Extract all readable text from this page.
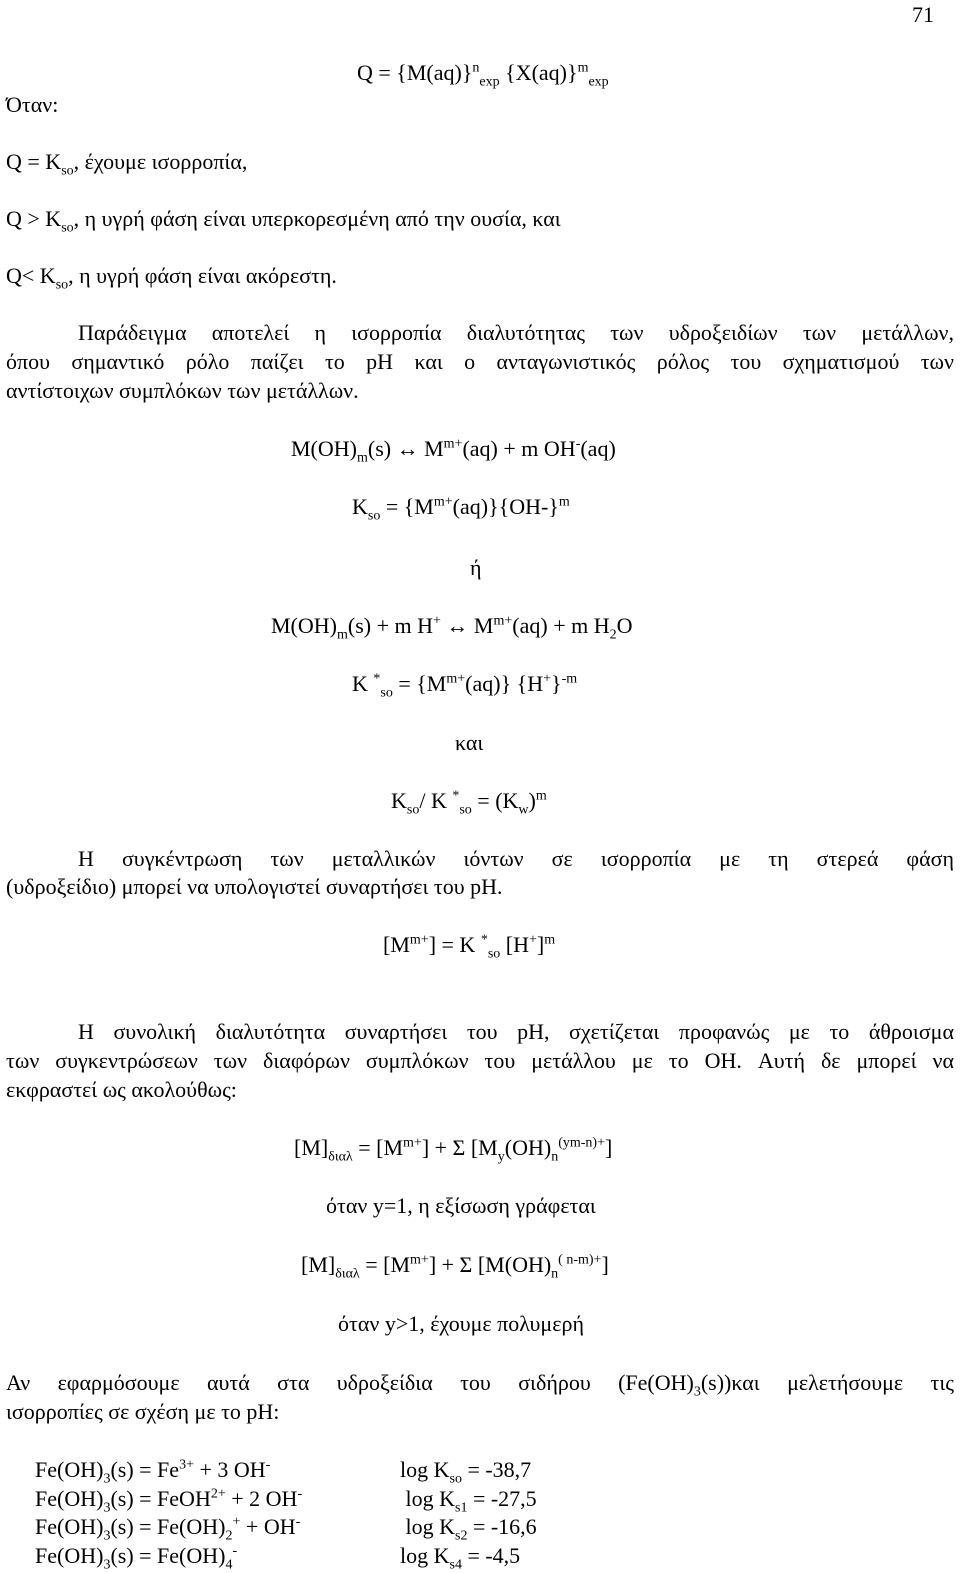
71
$Q = \{M(aq)\}^n_{exp}$ $\{X(aq)\}^m_{exp}$
Όταν:
$Q = K_{so}$, έχουμε ισορροπία,
$Q > K_{so}$, η υγρή φάση είναι υπερκορεσμένη από την ουσία, και
$Q< K_{so}$, η υγρή φάση είναι ακόρεστη.
Παράδειγμα αποτελεί η ισορροπία διαλυτότητας των υδροξειδίων των μετάλλων,
όπου σημαντικό ρόλο παίζει το pH και ο ανταγωνιστικός ρόλος του σχηματισμού των
αντίστοιχων συμπλόκων των μετάλλων.
$M(OH)_m(s)$ ↔ $M^{m+}(aq) + m$ OH-(aq)
$K_{so} = \{M^{m+}(aq)\}\{OH-\}^m$
ή
$M(OH)_m(s) + m$ H+ ↔ $M^{m+}(aq) + m$ $H_2O$
K $^*_{so} = \{M^{m+}(aq)\}$ $\{H^+\}^{-m}$
και
$K_{so}/$ K $^*_{so} = (K_w)^m$
Η συγκέντρωση των μεταλλικών ιόντων σε ισορροπία με τη στερεά φάση
(υδροξείδιο) μπορεί να υπολογιστεί συναρτήσει του pH.
$[M^{m+}] = K$ *$_{so}$ $[H^+]^m$
Η συνολική διαλυτότητα συναρτήσει του pH, σχετίζεται προφανώς με το άθροισμα
των συγκεντρώσεων των διαφόρων συμπλόκων του μετάλλου με το OH. Αυτή δε μπορεί να
εκφραστεί ως ακολούθως:
$[M]_{\delta\iota\alpha\lambda} = [M^{m+}] + \Sigma$ $[M_y(OH)_n^{(ym-n)+}]$
όταν y=1, η εξίσωση γράφεται
$[M]_{\delta\iota\alpha\lambda} = [M^{m+}] + \Sigma$ $[M(OH)_n^{( n-m)+}]$
όταν y>1, έχουμε πολυμερή
Αν εφαρμόσουμε αυτά στα υδροξείδια του σιδήρου $(Fe(OH)_3(s))\kappa\alpha\iota$ μελετήσουμε τις
ισορροπίες σε σχέση με το pH:
$Fe(OH)_3(s) = Fe^{3+} + 3$ OH-	$\log K_{so} = -38,7$
$Fe(OH)_3(s)$ = FeOH$^{2+}$ + 2 OH-	$\log K_{s1} = -27,5$
$Fe(OH)_3(s) = Fe(OH)_2^+ + OH^-$	$\log K_{s2} = -16,6$
$Fe(OH)_3(s) = Fe(OH)_4^-$	$\log K_{s4} = -4,5$
